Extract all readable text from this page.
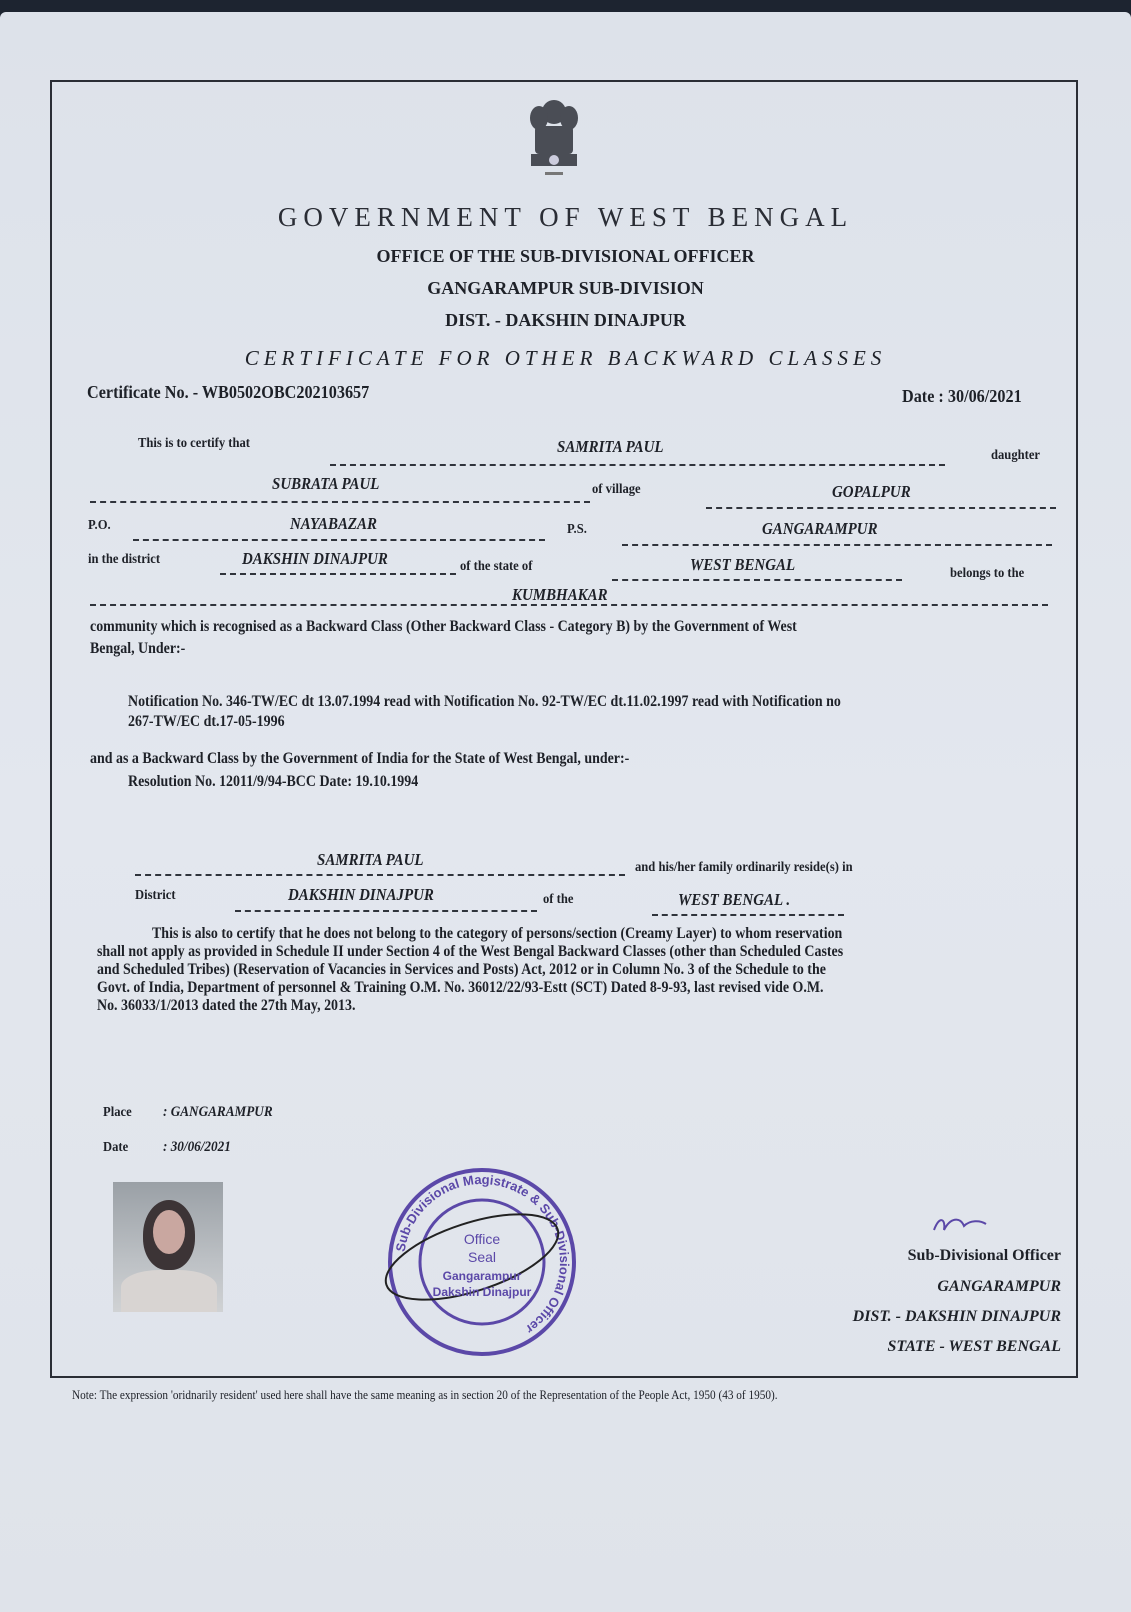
GOVERNMENT OF WEST BENGAL
OFFICE OF THE SUB-DIVISIONAL OFFICER
GANGARAMPUR SUB-DIVISION
DIST. - DAKSHIN DINAJPUR
CERTIFICATE FOR OTHER BACKWARD CLASSES
Certificate No. - WB0502OBC202103657	Date : 30/06/2021
This is to certify that	SAMRITA PAUL	daughter
SUBRATA PAUL	of village	GOPALPUR
P.O.	NAYABAZAR	P.S.	GANGARAMPUR
in the district	DAKSHIN DINAJPUR	of the state of	WEST BENGAL	belongs to the
KUMBHAKAR
community which is recognised as a Backward Class (Other Backward Class - Category B) by the Government of West
Bengal, Under:-
Notification No. 346-TW/EC dt 13.07.1994 read with Notification No. 92-TW/EC dt.11.02.1997 read with Notification no
267-TW/EC dt.17-05-1996
and as a Backward Class by the Government of India for the State of West Bengal, under:-
Resolution No. 12011/9/94-BCC Date: 19.10.1994
SAMRITA PAUL	and his/her family ordinarily reside(s) in
District	DAKSHIN DINAJPUR	of the	WEST BENGAL .
This is also to certify that he does not belong to the category of persons/section (Creamy Layer) to whom reservation
shall not apply as provided in Schedule II under Section 4 of the West Bengal Backward Classes (other than Scheduled Castes
and Scheduled Tribes) (Reservation of Vacancies in Services and Posts) Act, 2012 or in Column No. 3 of the Schedule to the
Govt. of India, Department of personnel & Training O.M. No. 36012/22/93-Estt (SCT) Dated 8-9-93, last revised vide O.M.
No. 36033/1/2013 dated the 27th May, 2013.
Place : GANGARAMPUR
Date : 30/06/2021
Sub-Divisional Magistrate & Sub-Divisional Officer
Office
Seal
Gangarampur
Dakshin Dinajpur
Sub-Divisional Officer
GANGARAMPUR
DIST. - DAKSHIN DINAJPUR
STATE - WEST BENGAL
Note: The expression 'oridnarily resident' used here shall have the same meaning as in section 20 of the Representation of the People Act, 1950 (43 of 1950).
